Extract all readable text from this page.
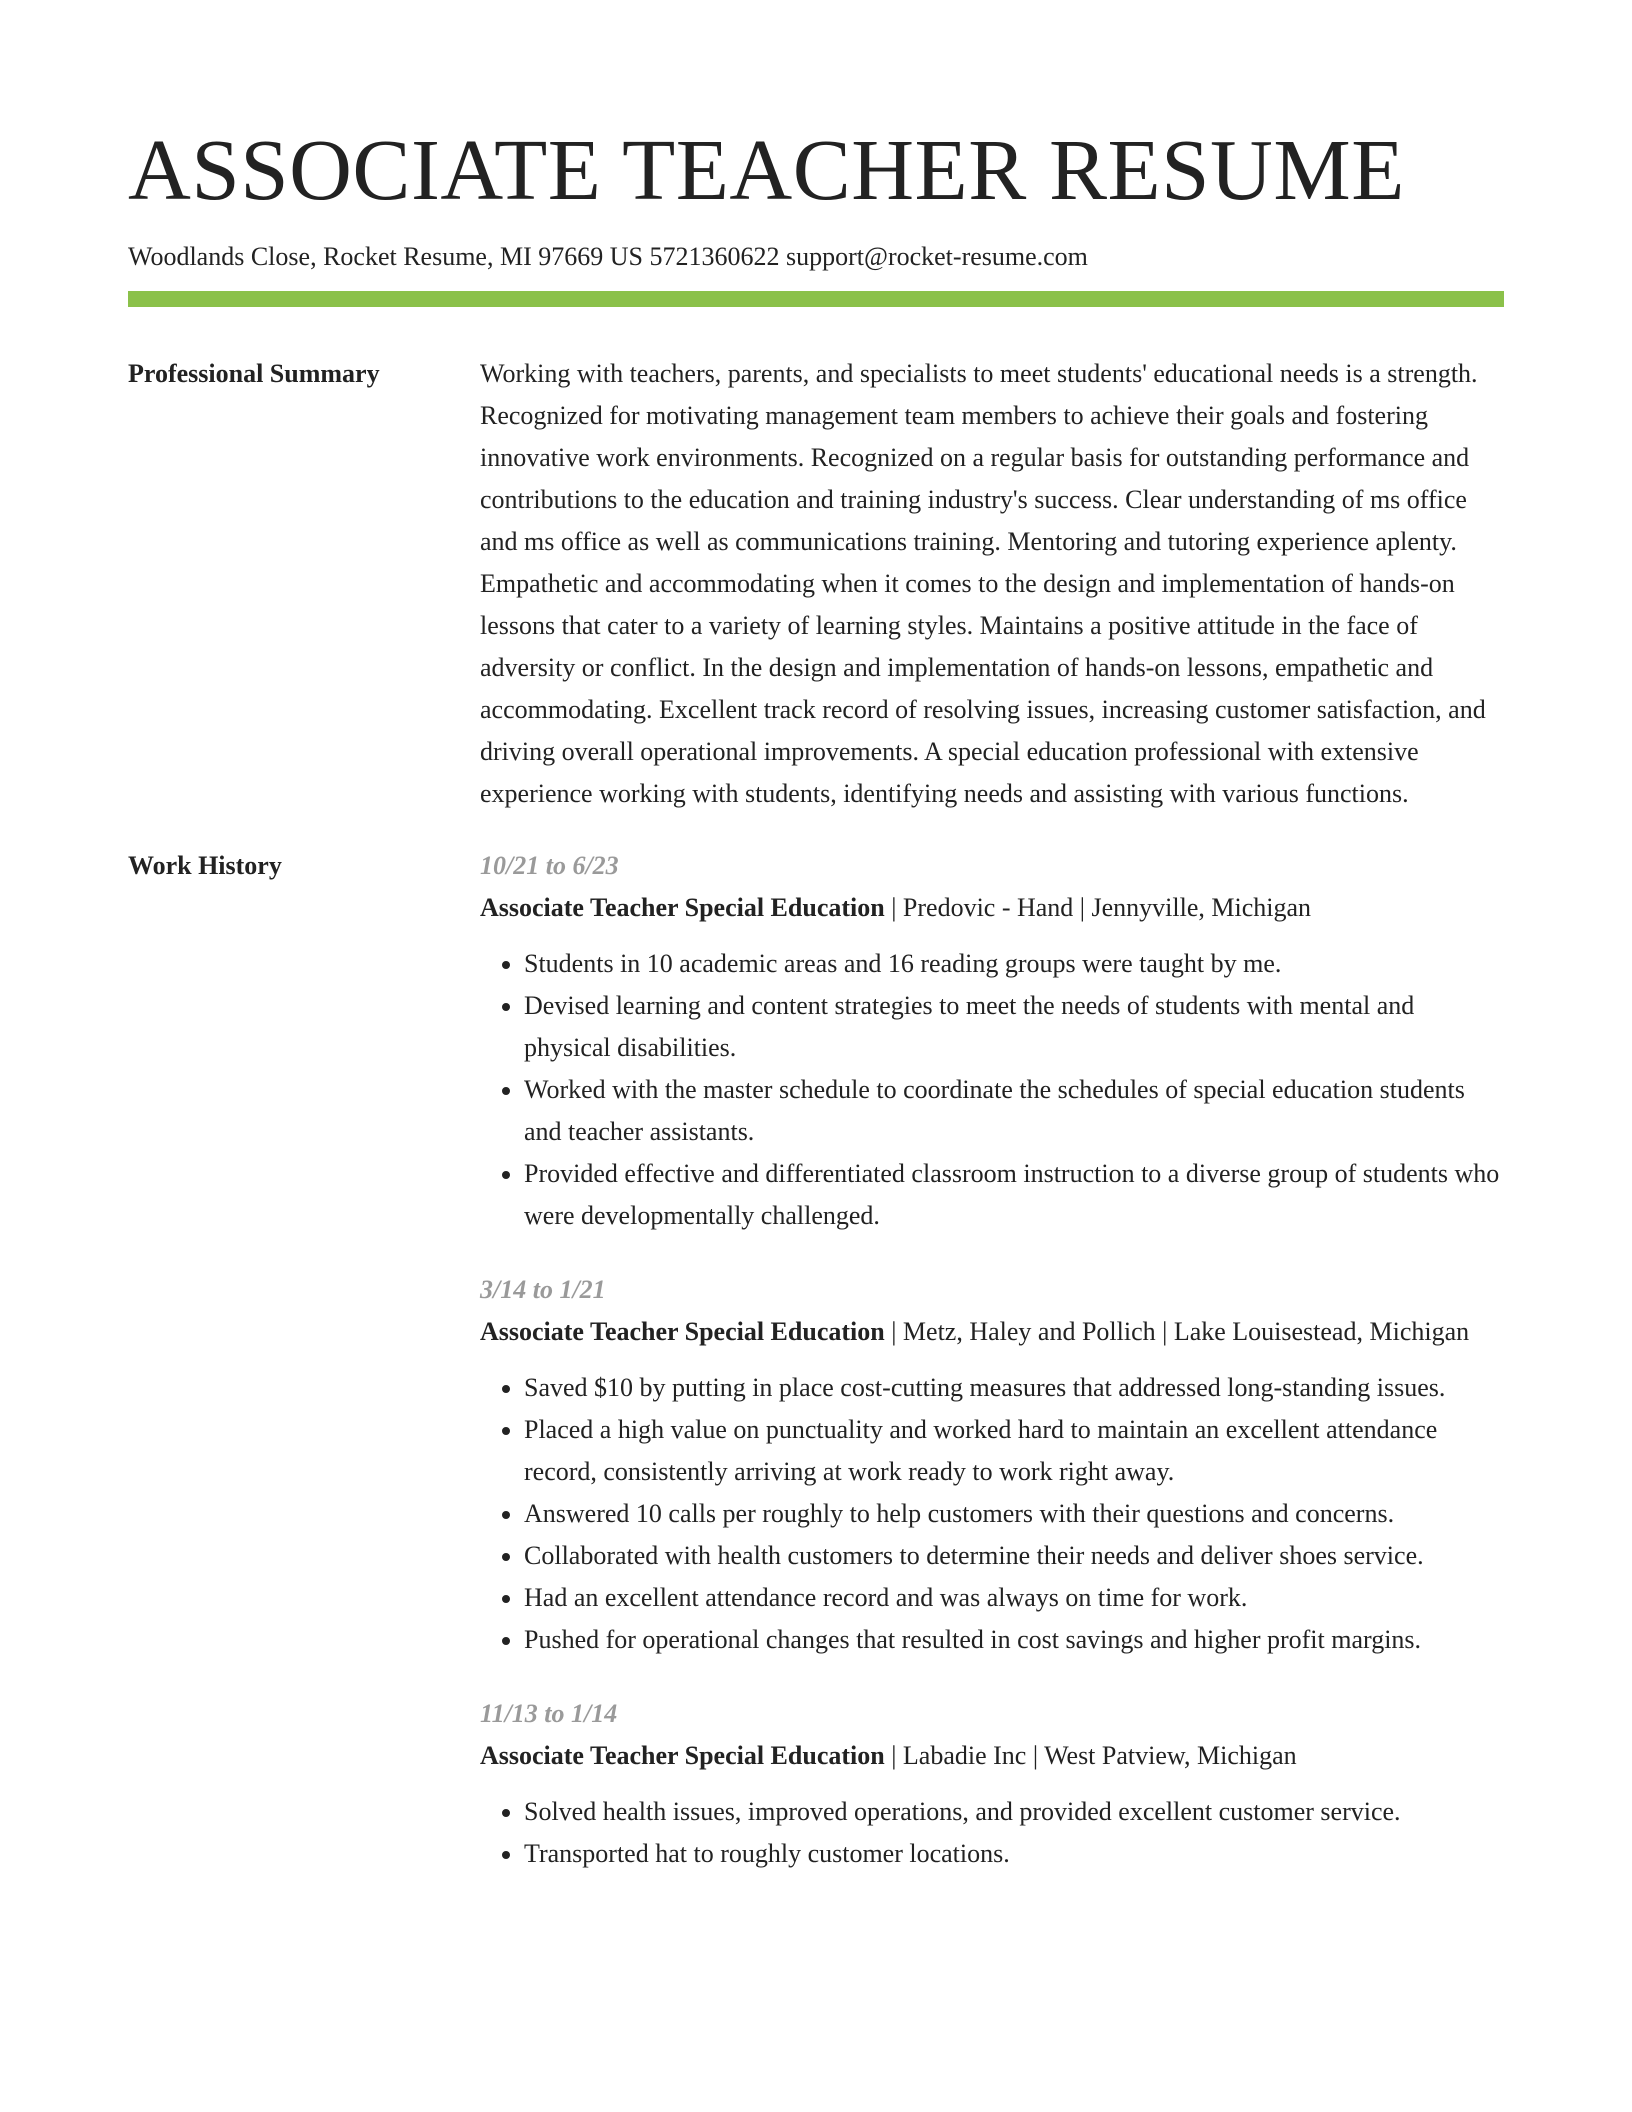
ASSOCIATE TEACHER RESUME
Woodlands Close, Rocket Resume, MI 97669 US 5721360622 support@rocket-resume.com
Professional Summary	Working with teachers, parents, and specialists to meet students' educational needs is a strength. Recognized for motivating management team members to achieve their goals and fostering innovative work environments. Recognized on a regular basis for outstanding performance and contributions to the education and training industry's success. Clear understanding of ms office and ms office as well as communications training. Mentoring and tutoring experience aplenty. Empathetic and accommodating when it comes to the design and implementation of hands-on lessons that cater to a variety of learning styles. Maintains a positive attitude in the face of adversity or conflict. In the design and implementation of hands-on lessons, empathetic and accommodating. Excellent track record of resolving issues, increasing customer satisfaction, and driving overall operational improvements. A special education professional with extensive experience working with students, identifying needs and assisting with various functions.

Work History	10/21 to 6/23
Associate Teacher Special Education | Predovic - Hand | Jennyville, Michigan
• Students in 10 academic areas and 16 reading groups were taught by me.
• Devised learning and content strategies to meet the needs of students with mental and physical disabilities.
• Worked with the master schedule to coordinate the schedules of special education students and teacher assistants.
• Provided effective and differentiated classroom instruction to a diverse group of students who were developmentally challenged.
3/14 to 1/21
Associate Teacher Special Education | Metz, Haley and Pollich | Lake Louisestead, Michigan
• Saved $10 by putting in place cost-cutting measures that addressed long-standing issues.
• Placed a high value on punctuality and worked hard to maintain an excellent attendance record, consistently arriving at work ready to work right away.
• Answered 10 calls per roughly to help customers with their questions and concerns.
• Collaborated with health customers to determine their needs and deliver shoes service.
• Had an excellent attendance record and was always on time for work.
• Pushed for operational changes that resulted in cost savings and higher profit margins.
11/13 to 1/14
Associate Teacher Special Education | Labadie Inc | West Patview, Michigan
• Solved health issues, improved operations, and provided excellent customer service.
• Transported hat to roughly customer locations.
